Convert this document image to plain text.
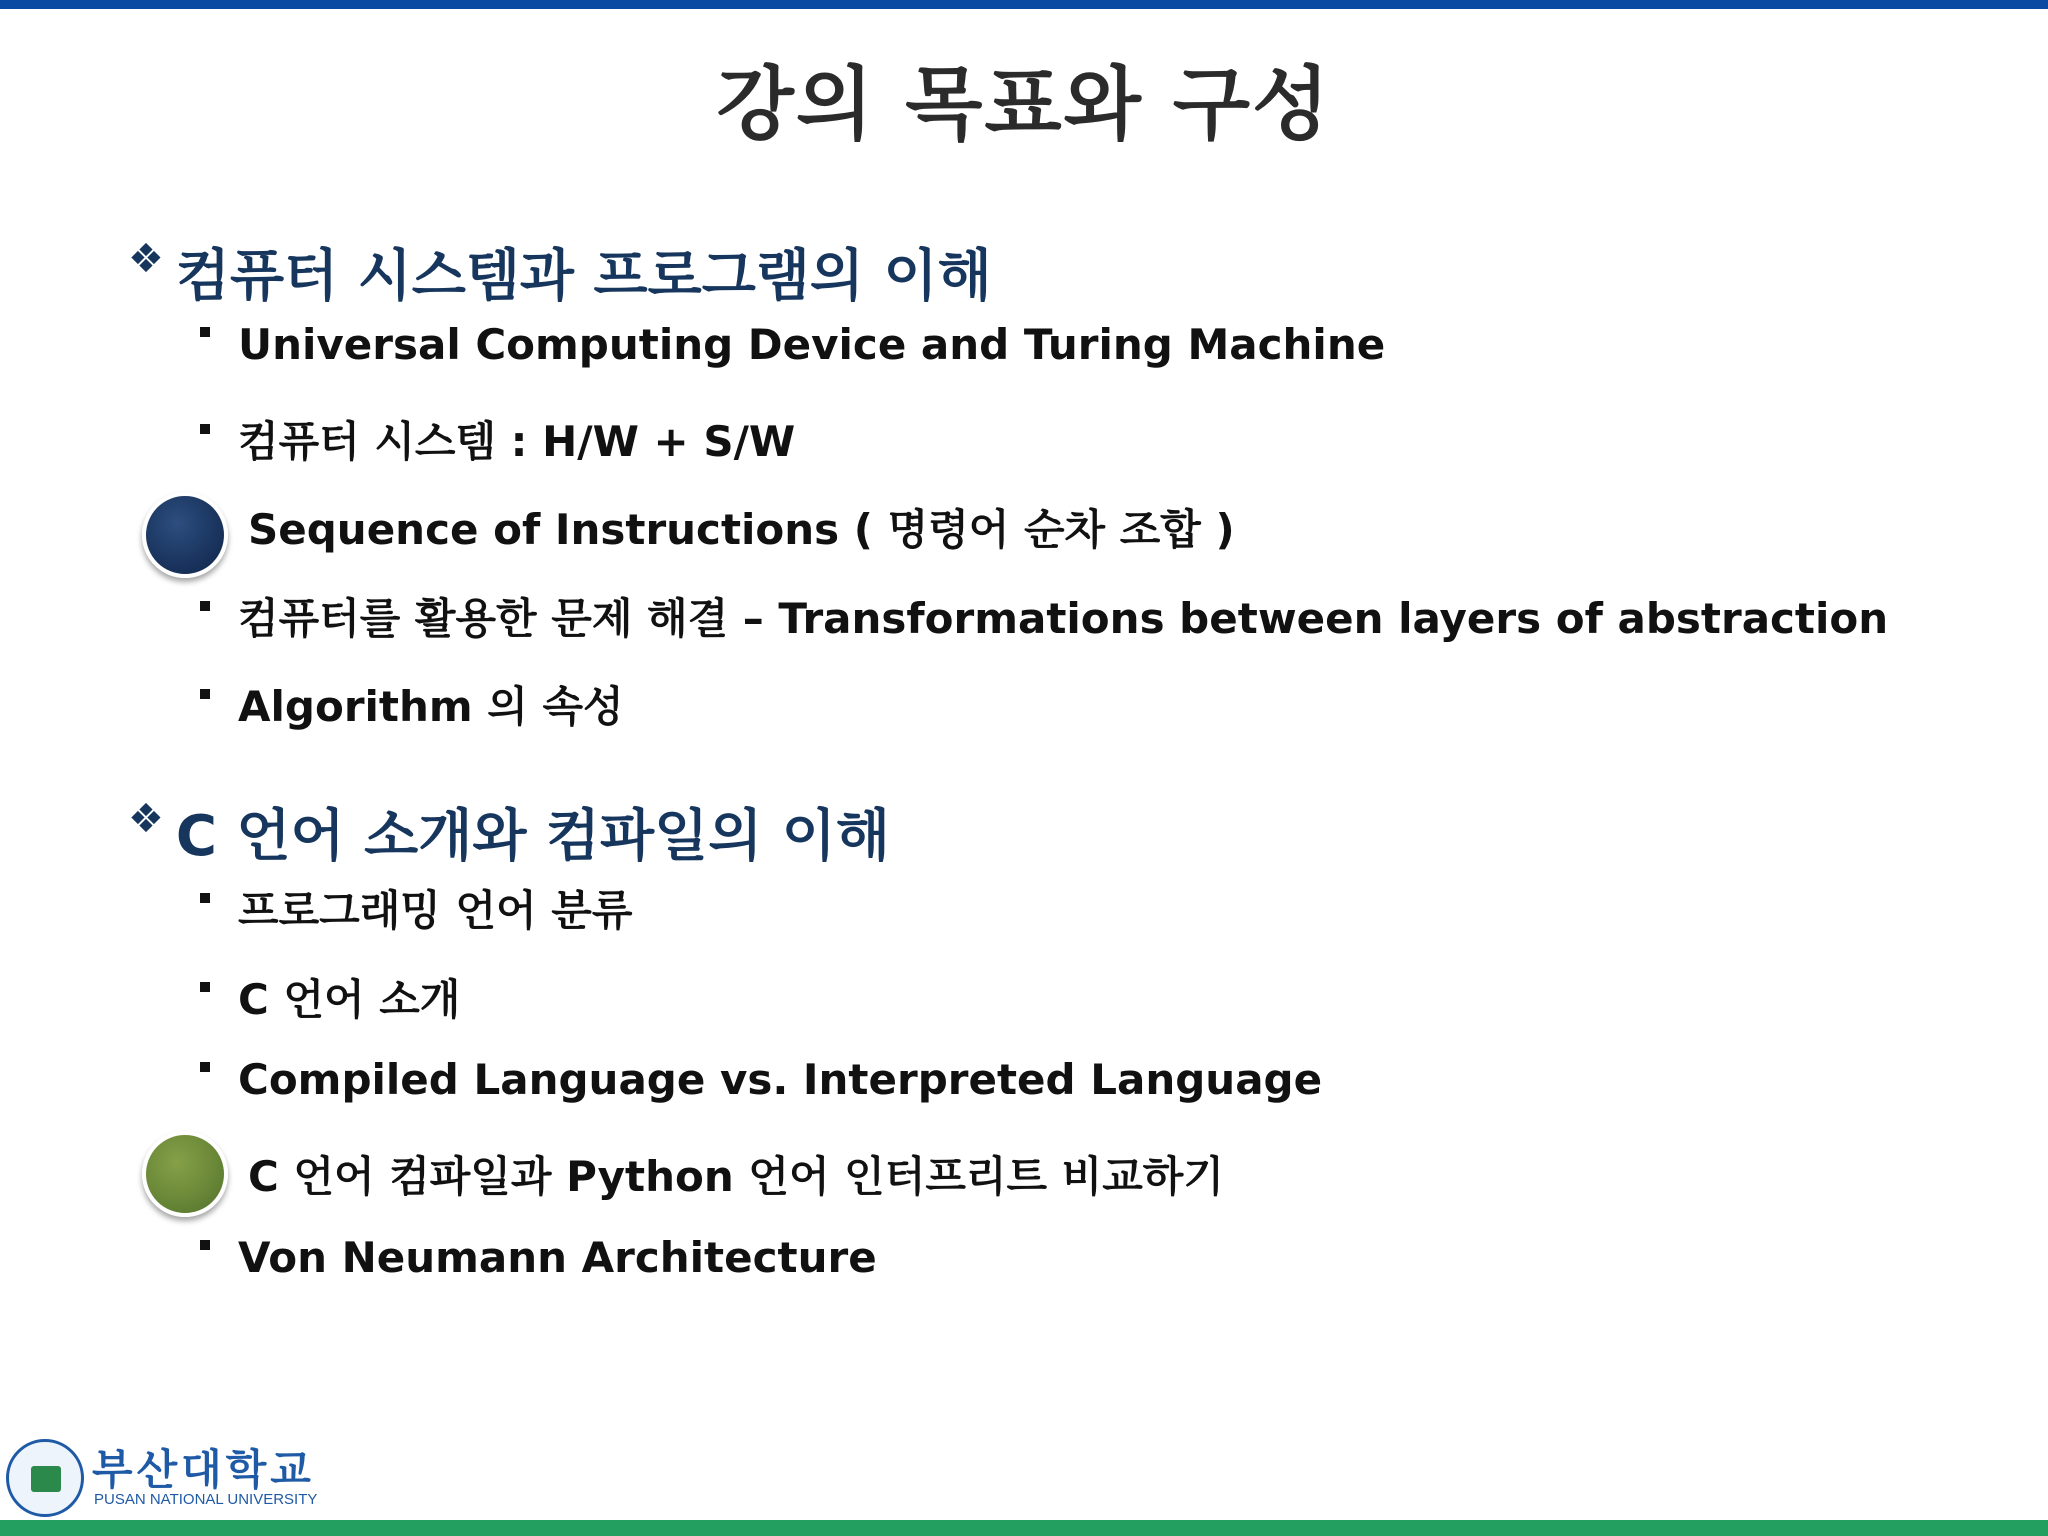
강의 목표와 구성
❖ 컴퓨터 시스템과 프로그램의 이해
Universal Computing Device and Turing Machine
컴퓨터 시스템 : H/W + S/W
Sequence of Instructions ( 명령어 순차 조합 )
컴퓨터를 활용한 문제 해결 – Transformations between layers of abstraction
Algorithm 의 속성
❖ C 언어 소개와 컴파일의 이해
프로그래밍 언어 분류
C 언어 소개
Compiled Language vs. Interpreted Language
C 언어 컴파일과 Python 언어 인터프리트 비교하기
Von Neumann Architecture
부산대학교
PUSAN NATIONAL UNIVERSITY
